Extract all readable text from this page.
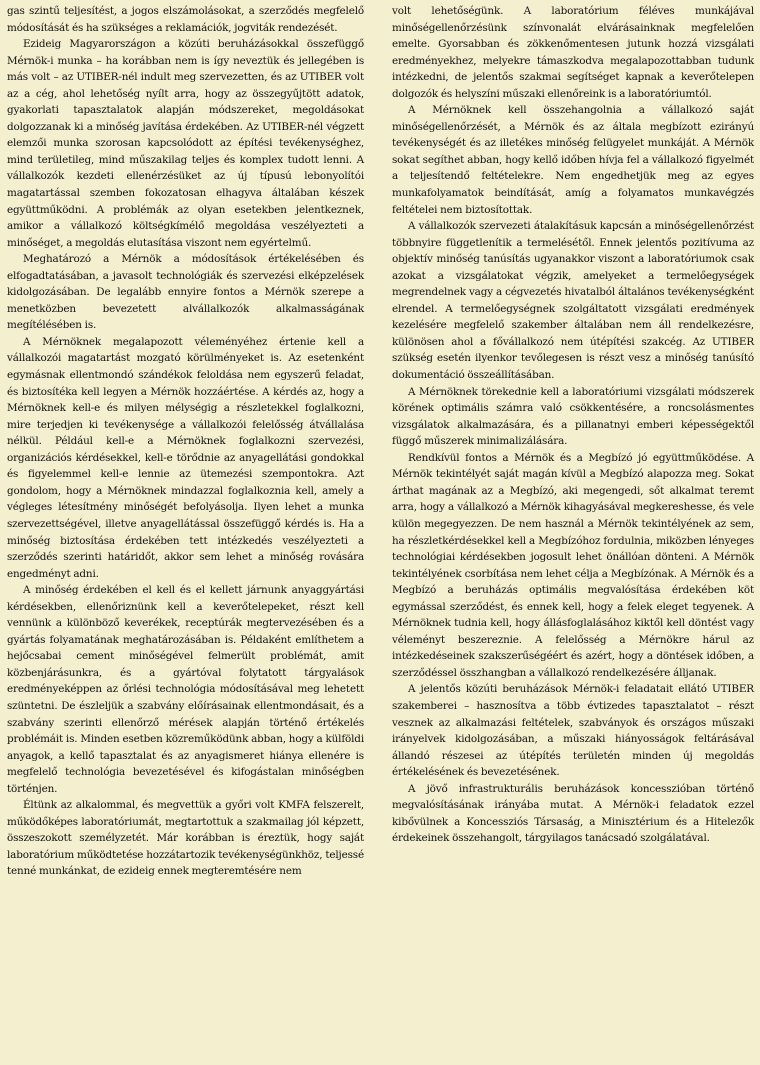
gas szintű teljesítést, a jogos elszámolásokat, a szerződés megfelelő módosítását és ha szükséges a reklamációk, jogviták rendezését.

Ezideig Magyarországon a közúti beruházásokkal összefüggő Mérnök-i munka – ha korábban nem is így neveztük és jellegében is más volt – az UTIBER-nél indult meg szervezetten, és az UTIBER volt az a cég, ahol lehetőség nyílt arra, hogy az összegyűjtött adatok, gyakorlati tapasztalatok alapján módszereket, megoldásokat dolgozzanak ki a minőség javítása érdekében. Az UTIBER-nél végzett elemzői munka szorosan kapcsolódott az építési tevékenységhez, mind területileg, mind műszakilag teljes és komplex tudott lenni. A vállalkozók kezdeti ellenérzésüket az új típusú lebonyolítói magatartással szemben fokozatosan elhagyva általában készek együttműködni. A problémák az olyan esetekben jelentkeznek, amikor a vállalkozó költségkímélő megoldása veszélyezteti a minőséget, a megoldás elutasítása viszont nem egyértelmű.

Meghatározó a Mérnök a módosítások értékelésében és elfogadtatásában, a javasolt technológiák és szervezési elképzelések kidolgozásában. De legalább ennyire fontos a Mérnök szerepe a menetközben bevezetett alvállalkozók alkalmasságának megítélésében is.

A Mérnöknek megalapozott véleményéhez értenie kell a vállalkozói magatartást mozgató körülményeket is. Az esetenként egymásnak ellentmondó szándékok feloldása nem egyszerű feladat, és biztosítéka kell legyen a Mérnök hozzáértése. A kérdés az, hogy a Mérnöknek kell-e és milyen mélységig a részletekkel foglalkozni, mire terjedjen ki tevékenysége a vállalkozói felelősség átvállalása nélkül. Például kell-e a Mérnöknek foglalkozni szervezési, organizációs kérdésekkel, kell-e törődnie az anyagellátási gondokkal és figyelemmel kell-e lennie az ütemezési szempontokra. Azt gondolom, hogy a Mérnöknek mindazzal foglalkoznia kell, amely a végleges létesítmény minőségét befolyásolja. Ilyen lehet a munka szervezettségével, illetve anyagellátással összefüggő kérdés is. Ha a minőség biztosítása érdekében tett intézkedés veszélyezteti a szerződés szerinti határidőt, akkor sem lehet a minőség rovására engedményt adni.

A minőség érdekében el kell és el kellett járnunk anyaggyártási kérdésekben, ellenőriznünk kell a keverőtelepeket, részt kell vennünk a különböző keverékek, receptúrák megtervezésében és a gyártás folyamatának meghatározásában is. Példaként említhetem a hejőcsabai cement minőségével felmerült problémát, amit közbenjárásunkra, és a gyártóval folytatott tárgyalások eredményeképpen az őrlési technológia módosításával meg lehetett szüntetni. De észleljük a szabvány előírásainak ellentmondásait, és a szabvány szerinti ellenőrző mérések alapján történő értékelés problémáit is. Minden esetben közreműködünk abban, hogy a külföldi anyagok, a kellő tapasztalat és az anyagismeret hiánya ellenére is megfelelő technológia bevezetésével és kifogástalan minőségben történjen.

Éltünk az alkalommal, és megvettük a győri volt KMFA felszerelt, működőképes laboratóriumát, megtartottuk a szakmailag jól képzett, összeszokott személyzetét. Már korábban is éreztük, hogy saját laboratórium működtetése hozzátartozik tevékenységünkhöz, teljessé tenné munkánkat, de ezideig ennek megteremtésére nem

volt lehetőségünk. A laboratórium féléves munkájával minőségellenőrzésünk színvonalát elvárásainknak megfelelően emelte. Gyorsabban és zökkenőmentesen jutunk hozzá vizsgálati eredményekhez, melyekre támaszkodva megalapozottabban tudunk intézkedni, de jelentős szakmai segítséget kapnak a keverőtelepen dolgozók és helyszíni műszaki ellenőreink is a laboratóriumtól.

A Mérnöknek kell összehangolnia a vállalkozó saját minőségellenőrzését, a Mérnök és az általa megbízott ezirányú tevékenységét és az illetékes minőség felügyelet munkáját. A Mérnök sokat segíthet abban, hogy kellő időben hívja fel a vállalkozó figyelmét a teljesítendő feltételekre. Nem engedhetjük meg az egyes munkafolyamatok beindítását, amíg a folyamatos munkavégzés feltételei nem biztosítottak.

A vállalkozók szervezeti átalakításuk kapcsán a minőségellenőrzést többnyire függetlenítik a termelésétől. Ennek jelentős pozitívuma az objektív minőség tanúsítás ugyanakkor viszont a laboratóriumok csak azokat a vizsgálatokat végzik, amelyeket a termelőegységek megrendelnek vagy a cégvezetés hivatalból általános tevékenységként elrendel. A termelőegységnek szolgáltatott vizsgálati eredmények kezelésére megfelelő szakember általában nem áll rendelkezésre, különösen ahol a fővállalkozó nem útépítési szakcég. Az UTIBER szükség esetén ilyenkor tevőlegesen is részt vesz a minőség tanúsító dokumentáció összeállításában.

A Mérnöknek törekednie kell a laboratóriumi vizsgálati módszerek körének optimális számra való csökkentésére, a roncsolásmentes vizsgálatok alkalmazására, és a pillanatnyi emberi képességektől függő műszerek minimalizálására.

Rendkívül fontos a Mérnök és a Megbízó jó együttműködése. A Mérnök tekintélyét saját magán kívül a Megbízó alapozza meg. Sokat árthat magának az a Megbízó, aki megengedi, sőt alkalmat teremt arra, hogy a vállalkozó a Mérnök kihagyásával megkereshesse, és vele külön megegyezzen. De nem használ a Mérnök tekintélyének az sem, ha részletkérdésekkel kell a Megbízóhoz fordulnia, miközben lényeges technológiai kérdésekben jogosult lehet önállóan dönteni. A Mérnök tekintélyének csorbítása nem lehet célja a Megbízónak. A Mérnök és a Megbízó a beruházás optimális megvalósítása érdekében köt egymással szerződést, és ennek kell, hogy a felek eleget tegyenek. A Mérnöknek tudnia kell, hogy állásfoglalásához kiktől kell döntést vagy véleményt beszereznie. A felelősség a Mérnökre hárul az intézkedéseinek szakszerűségéért és azért, hogy a döntések időben, a szerződéssel összhangban a vállalkozó rendelkezésére álljanak.

A jelentős közúti beruházások Mérnök-i feladatait ellátó UTIBER szakemberei – hasznosítva a több évtizedes tapasztalatot – részt vesznek az alkalmazási feltételek, szabványok és országos műszaki irányelvek kidolgozásában, a műszaki hiányosságok feltárásával állandó részesei az útépítés területén minden új megoldás értékelésének és bevezetésének.

A jövő infrastrukturális beruházások koncesszióban történő megvalósításának irányába mutat. A Mérnök-i feladatok ezzel kibővülnek a Koncessziós Társaság, a Minisztérium és a Hitelezők érdekeinek összehangolt, tárgyilagos tanácsadó szolgálatával.
